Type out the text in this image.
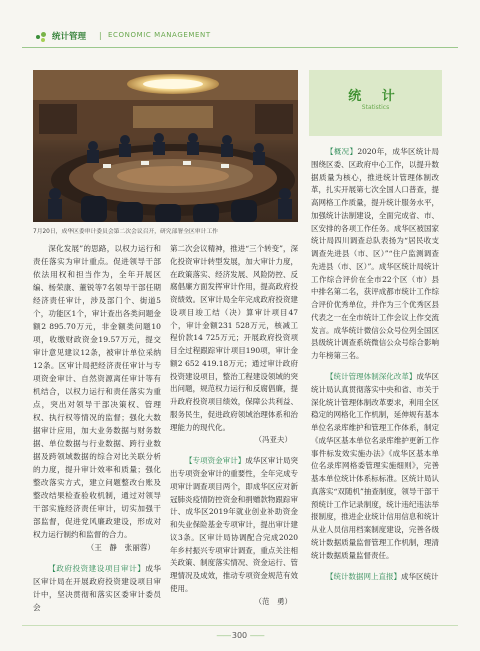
统计管理 | ECONOMIC MANAGEMENT
7月20日，成华区委审计委员会第二次会议召开，研究部署全区审计工作

深化发展”的思路，以权力运行和责任落实为审计重点。促进领导干部依法用权和担当作为，全年开展区编、杨荣康、董锐等7名领导干部任期经济责任审计，涉及部门个、街道5个，功能区1个，审计查出各类问题金额2 895.70万元，非金额类问题10项，收缴财政资金19.57万元，提交审计意见建议12条，被审计单位采纳12条。区审计局把经济责任审计与专项资金审计、自然资源离任审计等有机结合，以权力运行和责任落实为重点，突出对领导干部决策权、管理权、执行权等情况的监督；强化大数据审计应用，加大业务数据与财务数据、单位数据与行业数据、跨行业数据及跨领域数据的综合对比关联分析的力度，提升审计效率和质量；强化整改落实方式，建立问题整改台账及整改结果检查验收机制，通过对领导干部实施经济责任审计，切实加强干部监督，促进党风廉政建设，形成对权力运行制约和监督的合力。

（王　静　张丽蓉）

【政府投资建设项目审计】成华区审计局在开展政府投资建设项目审计中，坚决贯彻和落实区委审计委员会

第二次会议精神，推进“三个转变”，深化投资审计转型发展，加大审计力度，在政策落实、经济发展、风险防控、反腐倡廉方面发挥审计作用，提高政府投资绩效。区审计局全年完成政府投资建设项目竣工结（决）算审计项目47个，审计金额231 528万元，核减工程价款14 725万元；开展政府投资项目全过程跟踪审计项目190项，审计金额2 652 419.18万元；通过审计政府投资建设项目，整治工程建设领域的突出问题，规范权力运行和反腐倡廉，提升政府投资项目绩效，保障公共利益、服务民生，促进政府领域治理体系和治理能力的现代化。

（冯亚夫）

【专项资金审计】成华区审计局突出专项资金审计的重要性，全年完成专项审计调查项目两个，即成华区应对新冠肺炎疫情防控资金和捐赠款物跟踪审计、成华区2019年就业创业补助资金和失业保险基金专项审计，提出审计建议3条。区审计局协调配合完成2020年乡村振兴专项审计调查，重点关注相关政策、制度落实情况、资金运行、管理情况及成效，推动专项资金规范有效使用。

（范　勇）

统 计
Statistics

【概况】2020年，成华区统计局围绕区委、区政府中心工作，以提升数据质量为核心，推进统计管理体制改革，扎实开展第七次全国人口普查，提高网格工作质量，提升统计服务水平，加强统计法制建设，全面完成省、市、区安排的各项工作任务。成华区被国家统计局四川调查总队表扬为“居民收支调查先进县（市、区）”“住户监测调查先进县（市、区）”。成华区统计局统计工作综合评价在全市22个区（市）县中排名第二名，获评成都市统计工作综合评价优秀单位，并作为三个优秀区县代表之一在全市统计工作会议上作交流发言。成华统计微信公众号位列全国区县级统计调查系统微信公众号综合影响力年榜第三名。

【统计管理体制深化改革】成华区统计局认真贯彻落实中央和省、市关于深化统计管理体制改革要求，利用全区稳定的网格化工作机制，延伸规有基本单位名录库维护和管理工作体系，制定《成华区基本单位名录库维护更新工作事件标发效实施办法》《成华区基本单位名录库网格委管理实施细则》，完善基本单位统计体系标标准。区统计局认真落实“双随机”抽查制度，领导干部干预统计工作记录制度，统计违纪违法举报制度，推进企业统计信用信息和统计从业人员信用档案制度建设，完善各级统计数据质量监督管理工作机制，理清统计数据质量监督责任。

【统计数据网上直报】成华区统计

—— 300 ——
